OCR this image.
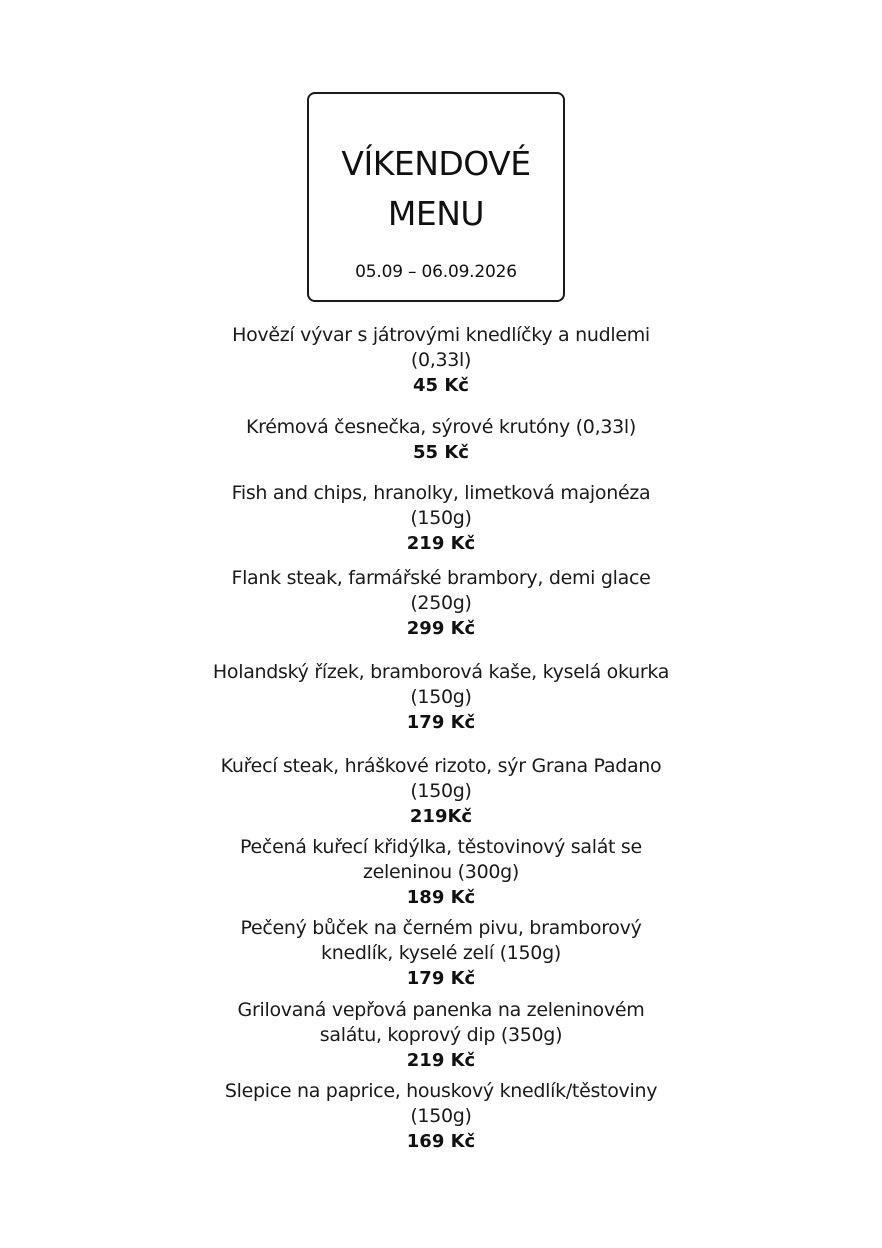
VÍKENDOVÉ
MENU
05.09 – 06.09.2026
Hovězí vývar s játrovými knedlíčky a nudlemi
(0,33l)
45 Kč
Krémová česnečka, sýrové krutóny (0,33l)
55 Kč
Fish and chips, hranolky, limetková majonéza
(150g)
219 Kč
Flank steak, farmářské brambory, demi glace
(250g)
299 Kč
Holandský řízek, bramborová kaše, kyselá okurka
(150g)
179 Kč
Kuřecí steak, hráškové rizoto, sýr Grana Padano
(150g)
219Kč
Pečená kuřecí křidýlka, těstovinový salát se
zeleninou (300g)
189 Kč
Pečený bůček na černém pivu, bramborový
knedlík, kyselé zelí (150g)
179 Kč
Grilovaná vepřová panenka na zeleninovém
salátu, koprový dip (350g)
219 Kč
Slepice na paprice, houskový knedlík/těstoviny
(150g)
169 Kč
